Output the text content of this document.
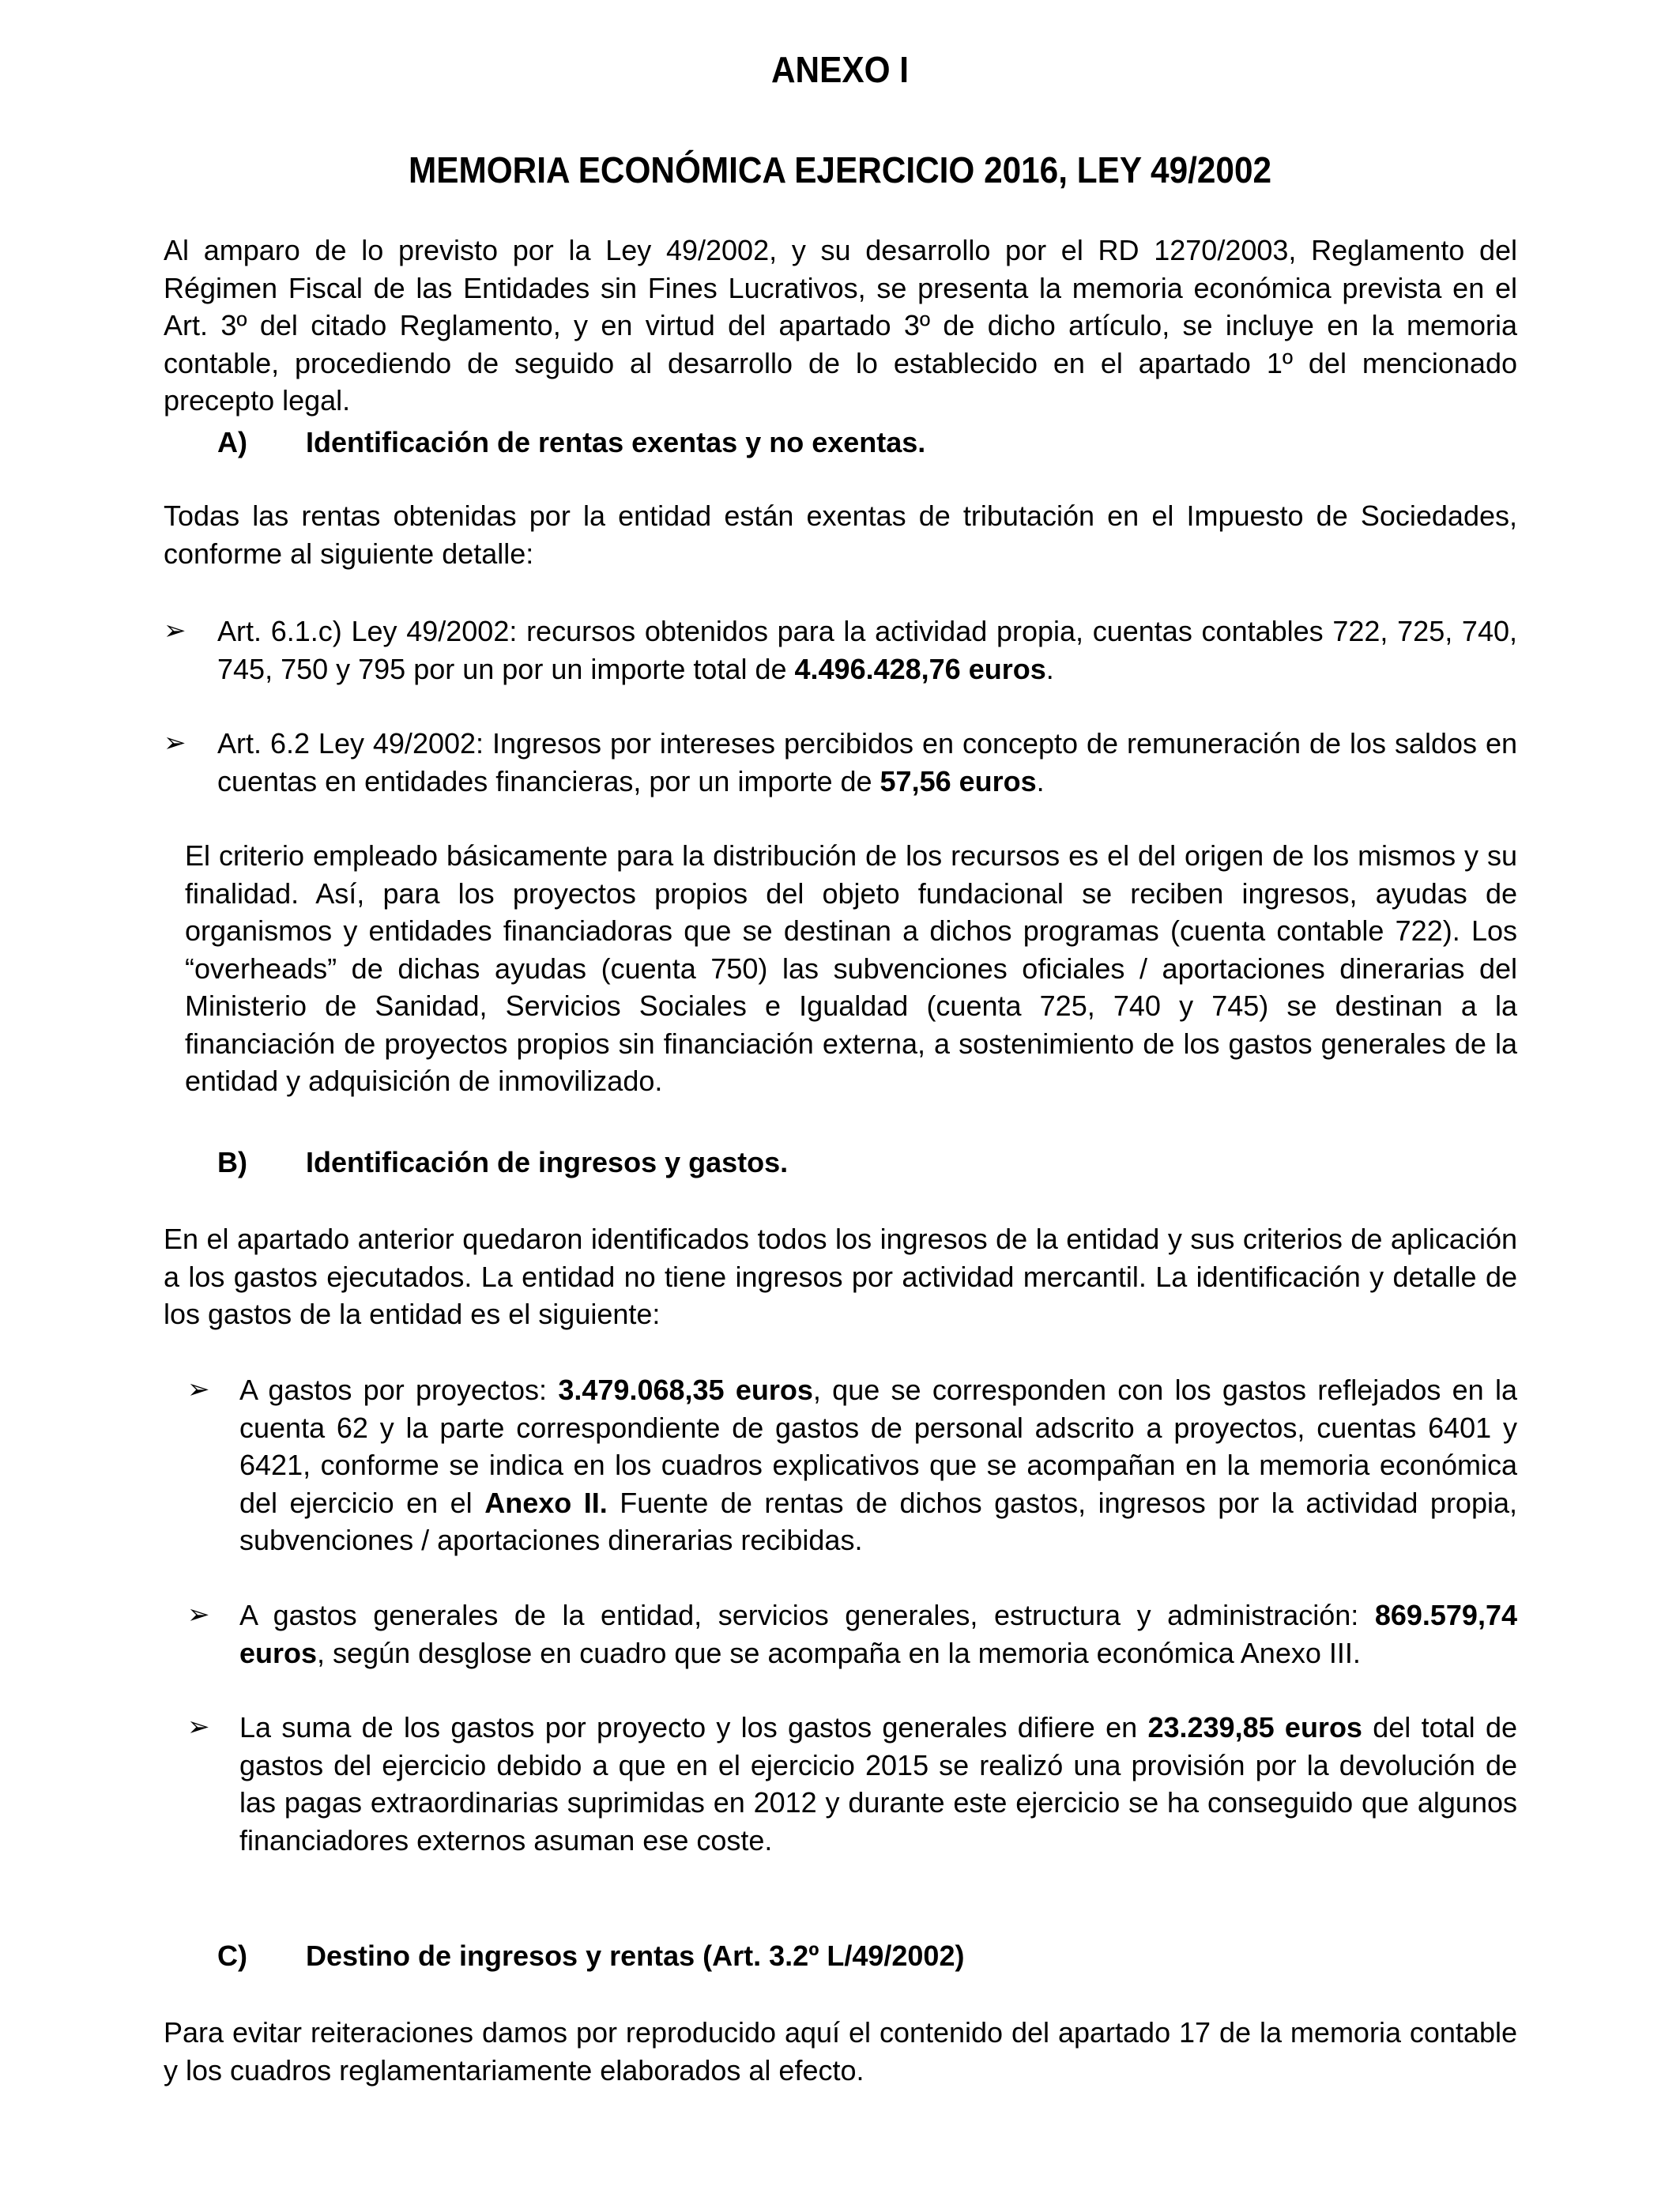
ANEXO I
MEMORIA ECONÓMICA EJERCICIO 2016, LEY 49/2002

Al amparo de lo previsto por la Ley 49/2002, y su desarrollo por el RD 1270/2003, Reglamento del Régimen Fiscal de las Entidades sin Fines Lucrativos, se presenta la memoria económica prevista en el Art. 3º del citado Reglamento, y en virtud del apartado 3º de dicho artículo, se incluye en la memoria contable, procediendo de seguido al desarrollo de lo establecido en el apartado 1º del mencionado precepto legal.

A) Identificación de rentas exentas y no exentas.

Todas las rentas obtenidas por la entidad están exentas de tributación en el Impuesto de Sociedades, conforme al siguiente detalle:

➢ Art. 6.1.c) Ley 49/2002: recursos obtenidos para la actividad propia, cuentas contables 722, 725, 740, 745, 750 y 795 por un por un importe total de 4.496.428,76 euros.

➢ Art. 6.2 Ley 49/2002: Ingresos por intereses percibidos en concepto de remuneración de los saldos en cuentas en entidades financieras, por un importe de 57,56 euros.

El criterio empleado básicamente para la distribución de los recursos es el del origen de los mismos y su finalidad. Así, para los proyectos propios del objeto fundacional se reciben ingresos, ayudas de organismos y entidades financiadoras que se destinan a dichos programas (cuenta contable 722). Los “overheads” de dichas ayudas (cuenta 750) las subvenciones oficiales / aportaciones dinerarias del Ministerio de Sanidad, Servicios Sociales e Igualdad (cuenta 725, 740 y 745) se destinan a la financiación de proyectos propios sin financiación externa, a sostenimiento de los gastos generales de la entidad y adquisición de inmovilizado.

B) Identificación de ingresos y gastos.

En el apartado anterior quedaron identificados todos los ingresos de la entidad y sus criterios de aplicación a los gastos ejecutados. La entidad no tiene ingresos por actividad mercantil. La identificación y detalle de los gastos de la entidad es el siguiente:

➢ A gastos por proyectos: 3.479.068,35 euros, que se corresponden con los gastos reflejados en la cuenta 62 y la parte correspondiente de gastos de personal adscrito a proyectos, cuentas 6401 y 6421, conforme se indica en los cuadros explicativos que se acompañan en la memoria económica del ejercicio en el Anexo II. Fuente de rentas de dichos gastos, ingresos por la actividad propia, subvenciones / aportaciones dinerarias recibidas.

➢ A gastos generales de la entidad, servicios generales, estructura y administración: 869.579,74 euros, según desglose en cuadro que se acompaña en la memoria económica Anexo III.

➢ La suma de los gastos por proyecto y los gastos generales difiere en 23.239,85 euros del total de gastos del ejercicio debido a que en el ejercicio 2015 se realizó una provisión por la devolución de las pagas extraordinarias suprimidas en 2012 y durante este ejercicio se ha conseguido que algunos financiadores externos asuman ese coste.

C) Destino de ingresos y rentas (Art. 3.2º L/49/2002)

Para evitar reiteraciones damos por reproducido aquí el contenido del apartado 17 de la memoria contable y los cuadros reglamentariamente elaborados al efecto.
